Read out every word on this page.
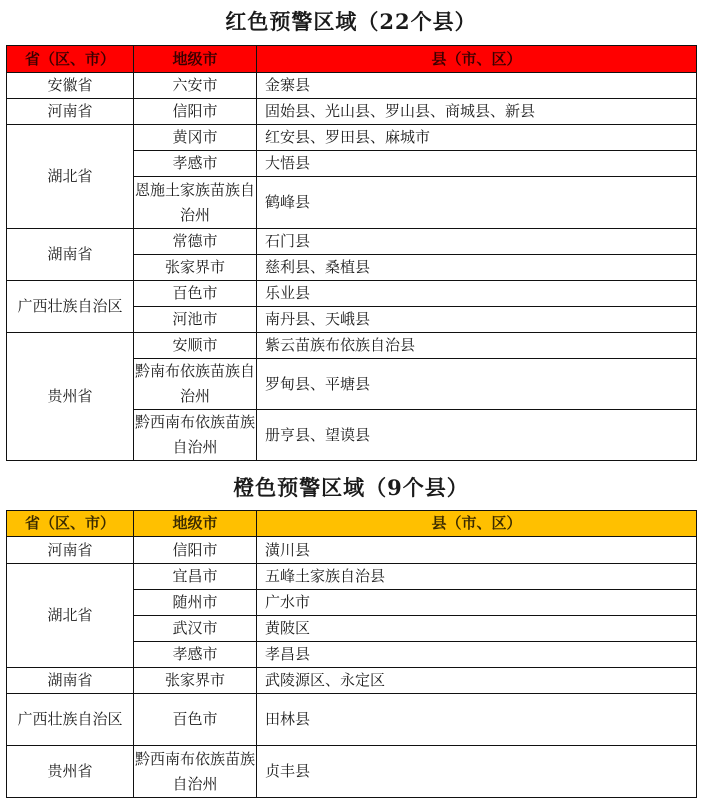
红色预警区域（22个县）
省（区、市）	地级市	县（市、区）
安徽省	六安市	金寨县
河南省	信阳市	固始县、光山县、罗山县、商城县、新县
湖北省	黄冈市	红安县、罗田县、麻城市
	孝感市	大悟县
	恩施土家族苗族自治州	鹤峰县
湖南省	常德市	石门县
	张家界市	慈利县、桑植县
广西壮族自治区	百色市	乐业县
	河池市	南丹县、天峨县
贵州省	安顺市	紫云苗族布依族自治县
	黔南布依族苗族自治州	罗甸县、平塘县
	黔西南布依族苗族自治州	册亨县、望谟县
橙色预警区域（9个县）
省（区、市）	地级市	县（市、区）
河南省	信阳市	潢川县
湖北省	宜昌市	五峰土家族自治县
	随州市	广水市
	武汉市	黄陂区
	孝感市	孝昌县
湖南省	张家界市	武陵源区、永定区
广西壮族自治区	百色市	田林县
贵州省	黔西南布依族苗族自治州	贞丰县
